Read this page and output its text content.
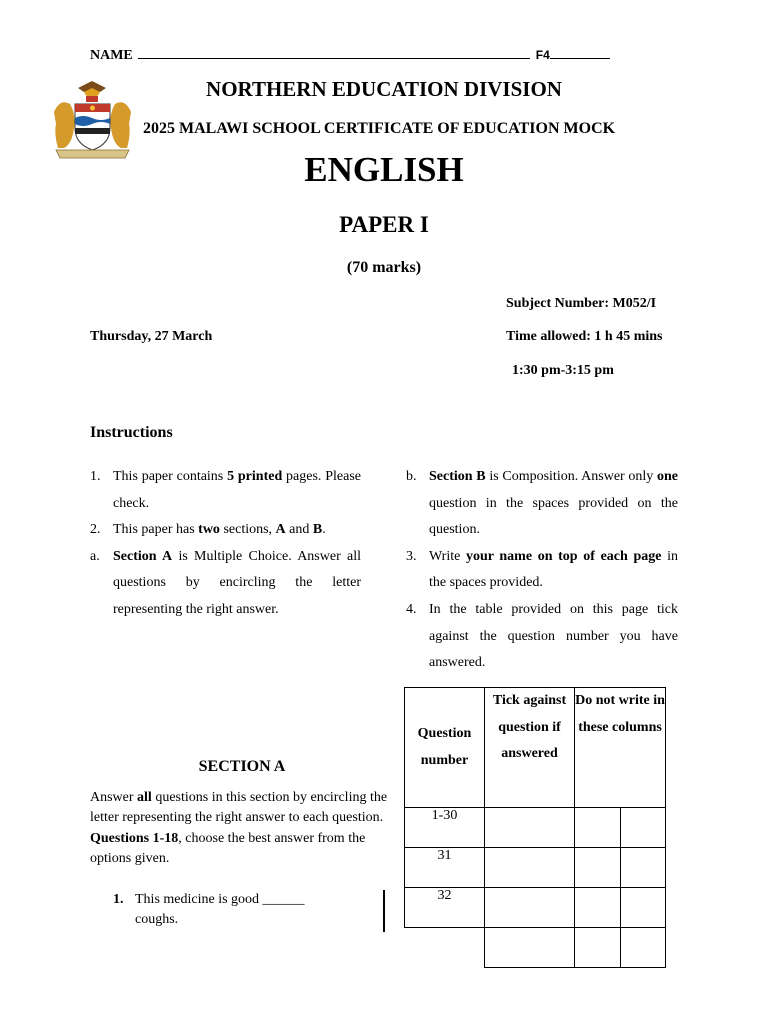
NAME	F4
NORTHERN EDUCATION DIVISION
2025 MALAWI SCHOOL CERTIFICATE OF EDUCATION MOCK
ENGLISH
PAPER I
(70 marks)
Subject Number: M052/I
Thursday, 27 March	Time allowed: 1 h 45 mins
1:30 pm-3:15 pm
Instructions
1. This paper contains 5 printed pages. Please check.
2. This paper has two sections, A and B.
a. Section A is Multiple Choice. Answer all questions by encircling the letter representing the right answer.
b. Section B is Composition. Answer only one question in the spaces provided on the question.
3. Write your name on top of each page in the spaces provided.
4. In the table provided on this page tick against the question number you have answered.
Question number	Tick against question if answered	Do not write in these columns	
1-30			
31			
32			

SECTION A
Answer all questions in this section by encircling the letter representing the right answer to each question.
Questions 1-18, choose the best answer from the options given.
1. This medicine is good ______
coughs.
